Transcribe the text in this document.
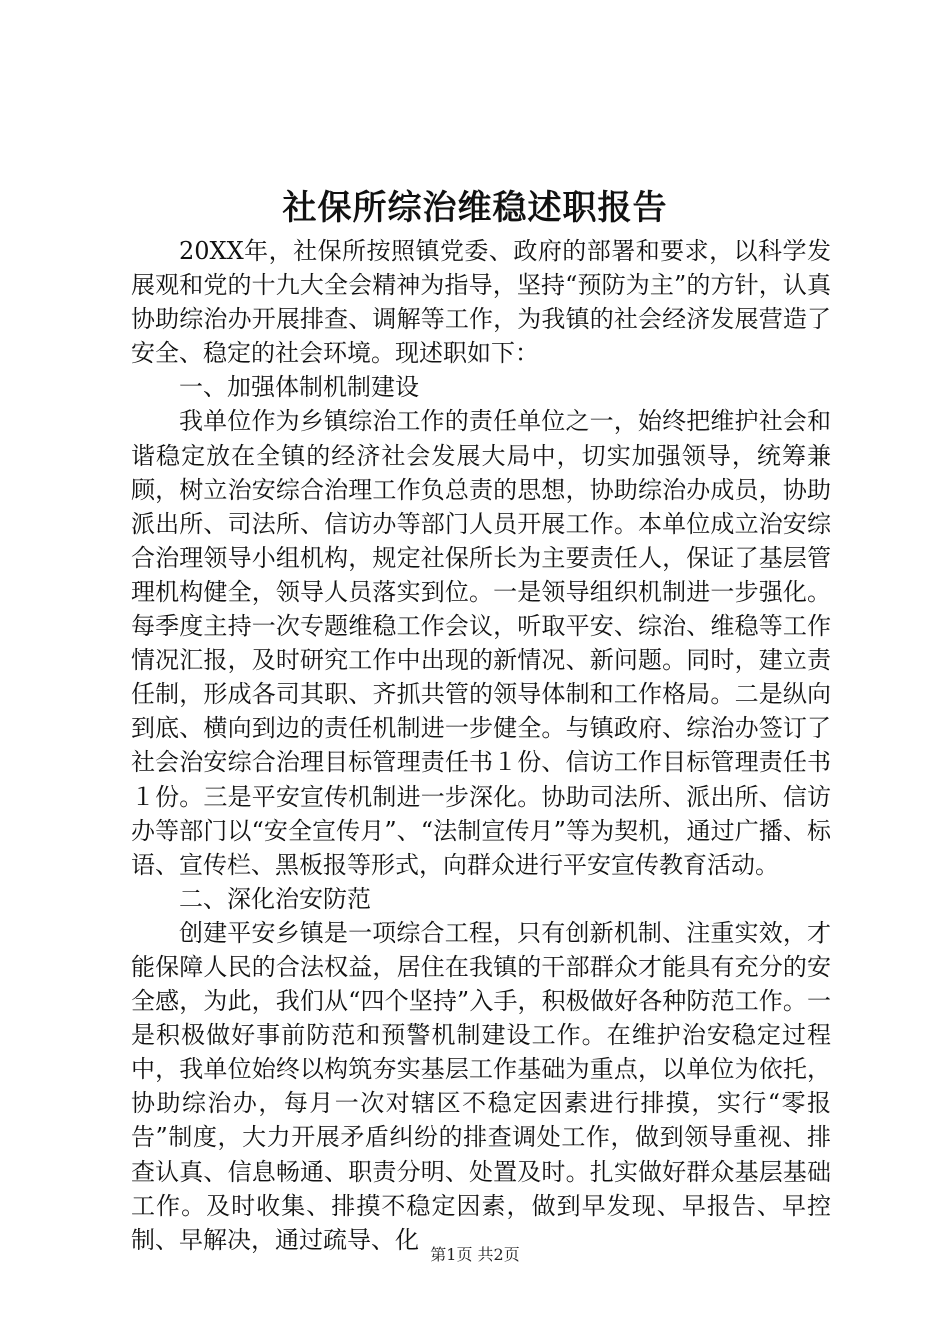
社保所综治维稳述职报告

20XX年，社保所按照镇党委、政府的部署和要求，以科学发展观和党的十九大全会精神为指导，坚持“预防为主”的方针，认真协助综治办开展排查、调解等工作，为我镇的社会经济发展营造了安全、稳定的社会环境。现述职如下：

一、加强体制机制建设

我单位作为乡镇综治工作的责任单位之一，始终把维护社会和谐稳定放在全镇的经济社会发展大局中，切实加强领导，统筹兼顾，树立治安综合治理工作负总责的思想，协助综治办成员，协助派出所、司法所、信访办等部门人员开展工作。本单位成立治安综合治理领导小组机构，规定社保所长为主要责任人，保证了基层管理机构健全，领导人员落实到位。一是领导组织机制进一步强化。每季度主持一次专题维稳工作会议，听取平安、综治、维稳等工作情况汇报，及时研究工作中出现的新情况、新问题。同时，建立责任制，形成各司其职、齐抓共管的领导体制和工作格局。二是纵向到底、横向到边的责任机制进一步健全。与镇政府、综治办签订了社会治安综合治理目标管理责任书１份、信访工作目标管理责任书１份。三是平安宣传机制进一步深化。协助司法所、派出所、信访办等部门以“安全宣传月”、“法制宣传月”等为契机，通过广播、标语、宣传栏、黑板报等形式，向群众进行平安宣传教育活动。

二、深化治安防范

创建平安乡镇是一项综合工程，只有创新机制、注重实效，才能保障人民的合法权益，居住在我镇的干部群众才能具有充分的安全感，为此，我们从“四个坚持”入手，积极做好各种防范工作。一是积极做好事前防范和预警机制建设工作。在维护治安稳定过程中，我单位始终以构筑夯实基层工作基础为重点，以单位为依托，协助综治办，每月一次对辖区不稳定因素进行排摸，实行“零报告”制度，大力开展矛盾纠纷的排查调处工作，做到领导重视、排查认真、信息畅通、职责分明、处置及时。扎实做好群众基层基础工作。及时收集、排摸不稳定因素，做到早发现、早报告、早控制、早解决，通过疏导、化

第1页 共2页
